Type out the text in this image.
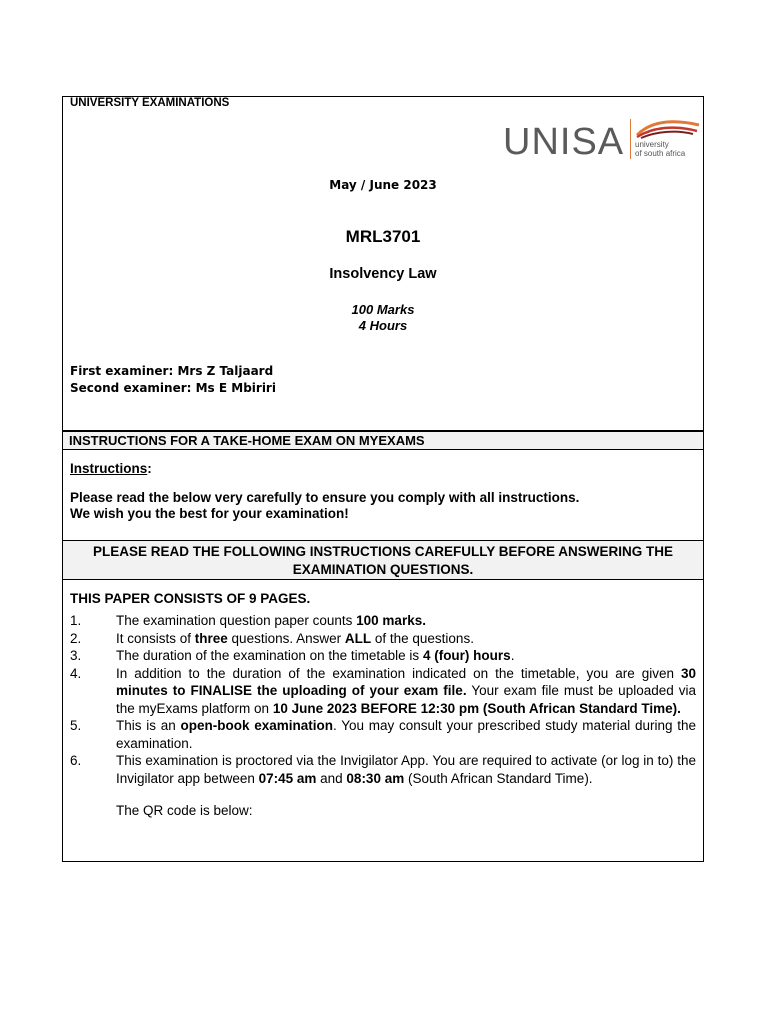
UNIVERSITY EXAMINATIONS
UNISA university
of south africa
May / June 2023
MRL3701
Insolvency Law
100 Marks
4 Hours
First examiner: Mrs Z Taljaard
Second examiner: Ms E Mbiriri
INSTRUCTIONS FOR A TAKE-HOME EXAM ON MYEXAMS
Instructions:
Please read the below very carefully to ensure you comply with all instructions.
We wish you the best for your examination!
PLEASE READ THE FOLLOWING INSTRUCTIONS CAREFULLY BEFORE ANSWERING THE EXAMINATION QUESTIONS.
THIS PAPER CONSISTS OF 9 PAGES.
1.	The examination question paper counts 100 marks.
2.	It consists of three questions. Answer ALL of the questions.
3.	The duration of the examination on the timetable is 4 (four) hours.
4.	In addition to the duration of the examination indicated on the timetable, you are given 30 minutes to FINALISE the uploading of your exam file. Your exam file must be uploaded via the myExams platform on 10 June 2023 BEFORE 12:30 pm (South African Standard Time).
5.	This is an open-book examination. You may consult your prescribed study material during the examination.
6.	This examination is proctored via the Invigilator App. You are required to activate (or log in to) the Invigilator app between 07:45 am and 08:30 am (South African Standard Time).
The QR code is below:
